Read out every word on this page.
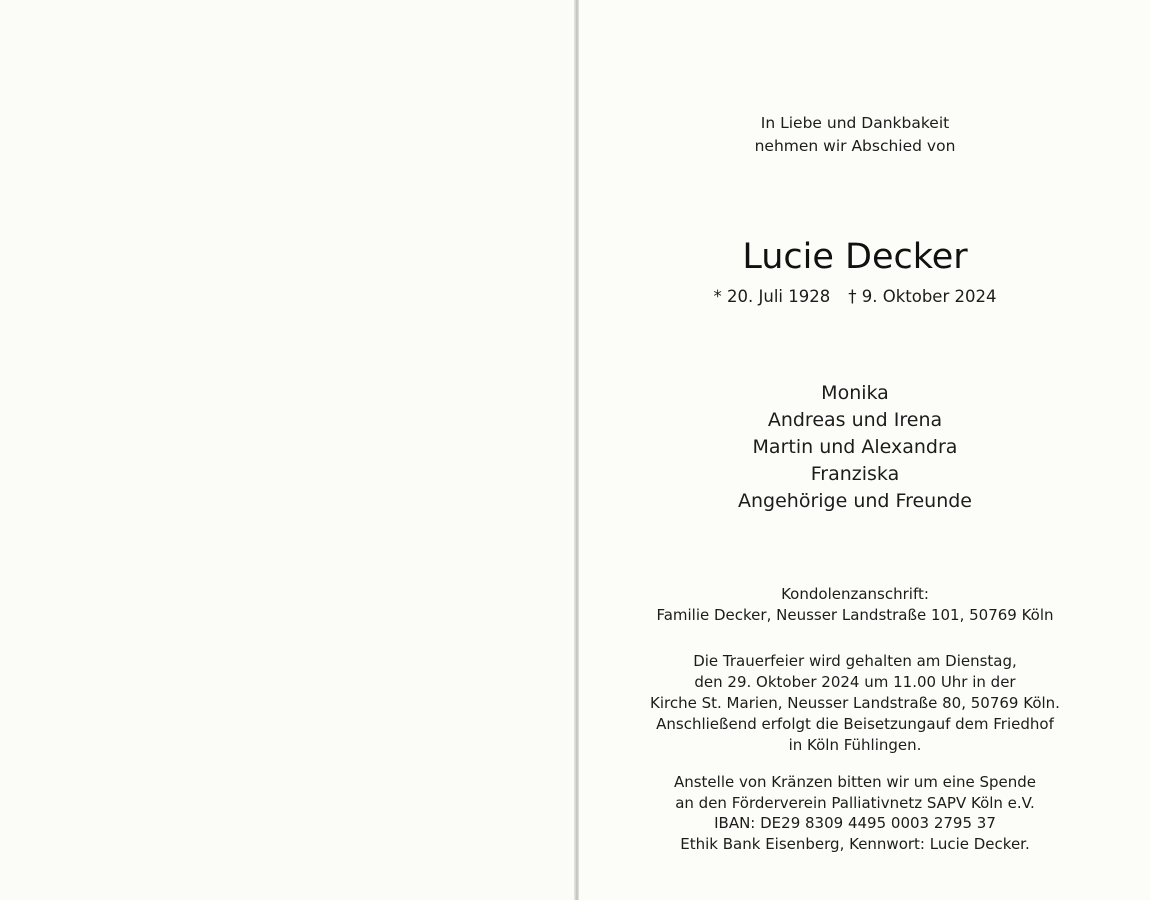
In Liebe und Dankbakeit
nehmen wir Abschied von
Lucie Decker
* 20. Juli 1928 † 9. Oktober 2024
Monika
Andreas und Irena
Martin und Alexandra
Franziska
Angehörige und Freunde
Kondolenzanschrift:
Familie Decker, Neusser Landstraße 101, 50769 Köln
Die Trauerfeier wird gehalten am Dienstag,
den 29. Oktober 2024 um 11.00 Uhr in der
Kirche St. Marien, Neusser Landstraße 80, 50769 Köln.
Anschließend erfolgt die Beisetzungauf dem Friedhof
in Köln Fühlingen.
Anstelle von Kränzen bitten wir um eine Spende
an den Förderverein Palliativnetz SAPV Köln e.V.
IBAN: DE29 8309 4495 0003 2795 37
Ethik Bank Eisenberg, Kennwort: Lucie Decker.
